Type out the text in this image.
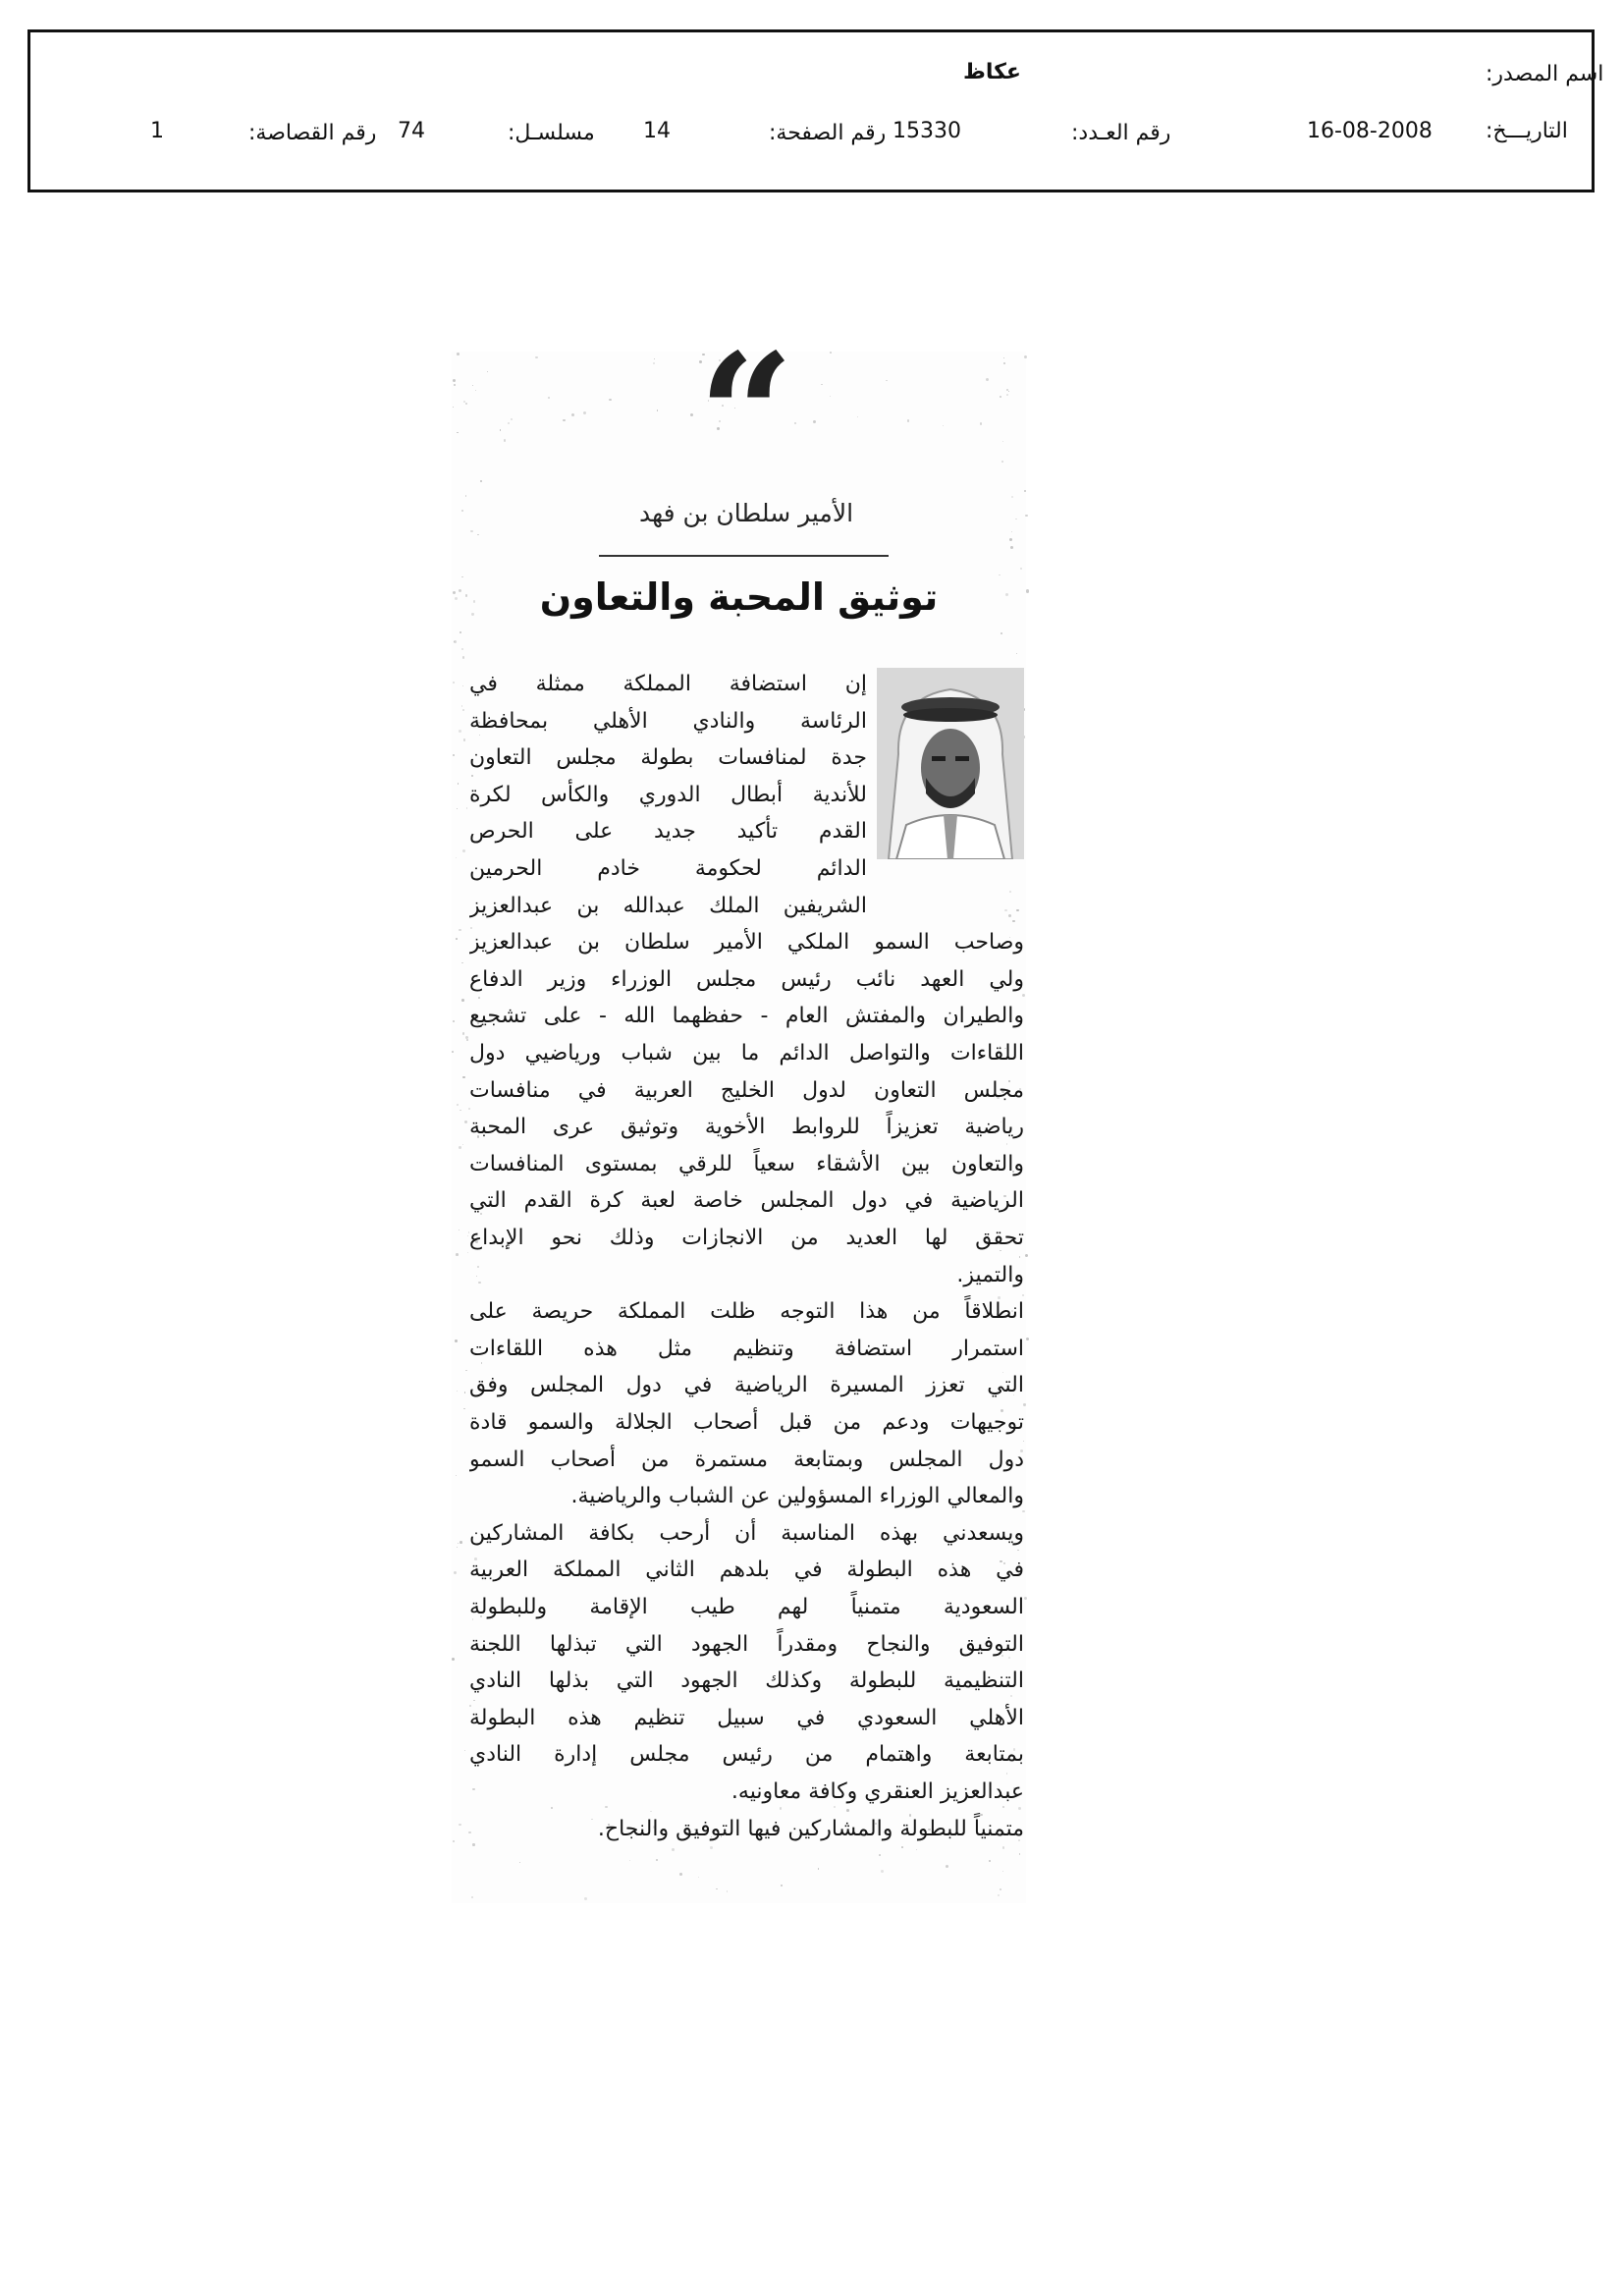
اسم المصدر:
عكاظ
التاريـــخ:
16-08-2008
رقم العـدد:
15330
رقم الصفحة:
14
مسلسـل:
74
رقم القصاصة:
1
“
الأمير سلطان بن فهد
توثيق المحبة والتعاون
إن استضافة المملكة ممثلة في
الرئاسة والنادي الأهلي بمحافظة
جدة لمنافسات بطولة مجلس التعاون
للأندية أبطال الدوري والكأس لكرة
القدم تأكيد جديد على الحرص
الدائم لحكومة خادم الحرمين
الشريفين الملك عبدالله بن عبدالعزيز
وصاحب السمو الملكي الأمير سلطان بن عبدالعزيز
ولي العهد نائب رئيس مجلس الوزراء وزير الدفاع
والطيران والمفتش العام - حفظهما الله - على تشجيع
اللقاءات والتواصل الدائم ما بين شباب ورياضيي دول
مجلس التعاون لدول الخليج العربية في منافسات
رياضية تعزيزاً للروابط الأخوية وتوثيق عرى المحبة
والتعاون بين الأشقاء سعياً للرقي بمستوى المنافسات
الرياضية في دول المجلس خاصة لعبة كرة القدم التي
تحقق لها العديد من الانجازات وذلك نحو الإبداع
والتميز.
انطلاقاً من هذا التوجه ظلت المملكة حريصة على
استمرار استضافة وتنظيم مثل هذه اللقاءات
التي تعزز المسيرة الرياضية في دول المجلس وفق
توجيهات ودعم من قبل أصحاب الجلالة والسمو قادة
دول المجلس وبمتابعة مستمرة من أصحاب السمو
والمعالي الوزراء المسؤولين عن الشباب والرياضية.
ويسعدني بهذه المناسبة أن أرحب بكافة المشاركين
في هذه البطولة في بلدهم الثاني المملكة العربية
السعودية متمنياً لهم طيب الإقامة وللبطولة
التوفيق والنجاح ومقدراً الجهود التي تبذلها اللجنة
التنظيمية للبطولة وكذلك الجهود التي بذلها النادي
الأهلي السعودي في سبيل تنظيم هذه البطولة
بمتابعة واهتمام من رئيس مجلس إدارة النادي
عبدالعزيز العنقري وكافة معاونيه.
متمنياً للبطولة والمشاركين فيها التوفيق والنجاح.
